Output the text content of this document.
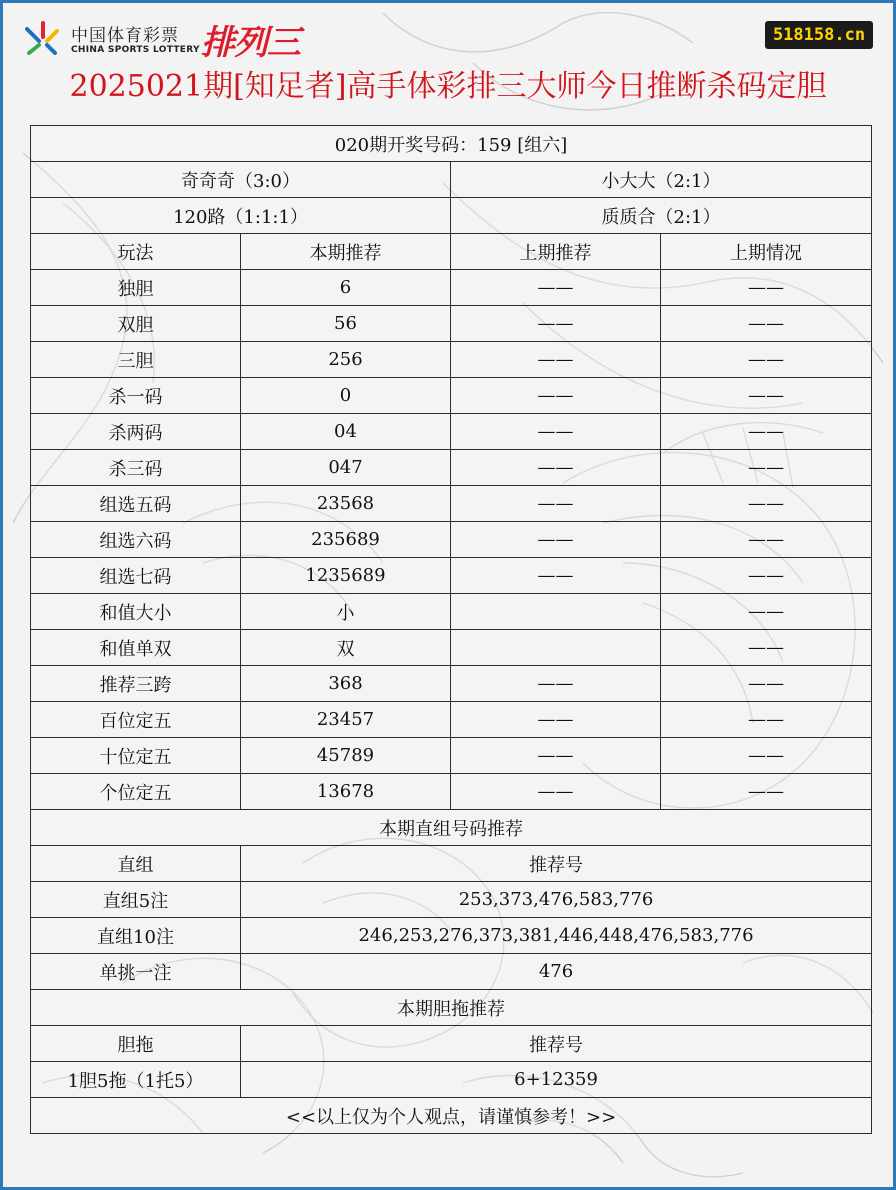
中国体育彩票
CHINA SPORTS LOTTERY 排列三	518158.cn
2025021期[知足者]高手体彩排三大师今日推断杀码定胆
020期开奖号码：159 [组六]			
奇奇奇（3:0）		小大大（2:1）	
120路（1:1:1）		质质合（2:1）	
玩法	本期推荐	上期推荐	上期情况
独胆	6	——	——
双胆	56	——	——
三胆	256	——	——
杀一码	0	——	——
杀两码	04	——	——
杀三码	047	——	——
组选五码	23568	——	——
组选六码	235689	——	——
组选七码	1235689	——	——
和值大小	小		——
和值单双	双		——
推荐三跨	368	——	——
百位定五	23457	——	——
十位定五	45789	——	——
个位定五	13678	——	——
本期直组号码推荐			
直组	推荐号		
直组5注	253,373,476,583,776		
直组10注	246,253,276,373,381,446,448,476,583,776		
单挑一注	476		
本期胆拖推荐			
胆拖	推荐号		
1胆5拖（1托5）	6+12359		
<<以上仅为个人观点，请谨慎参考！>>			
